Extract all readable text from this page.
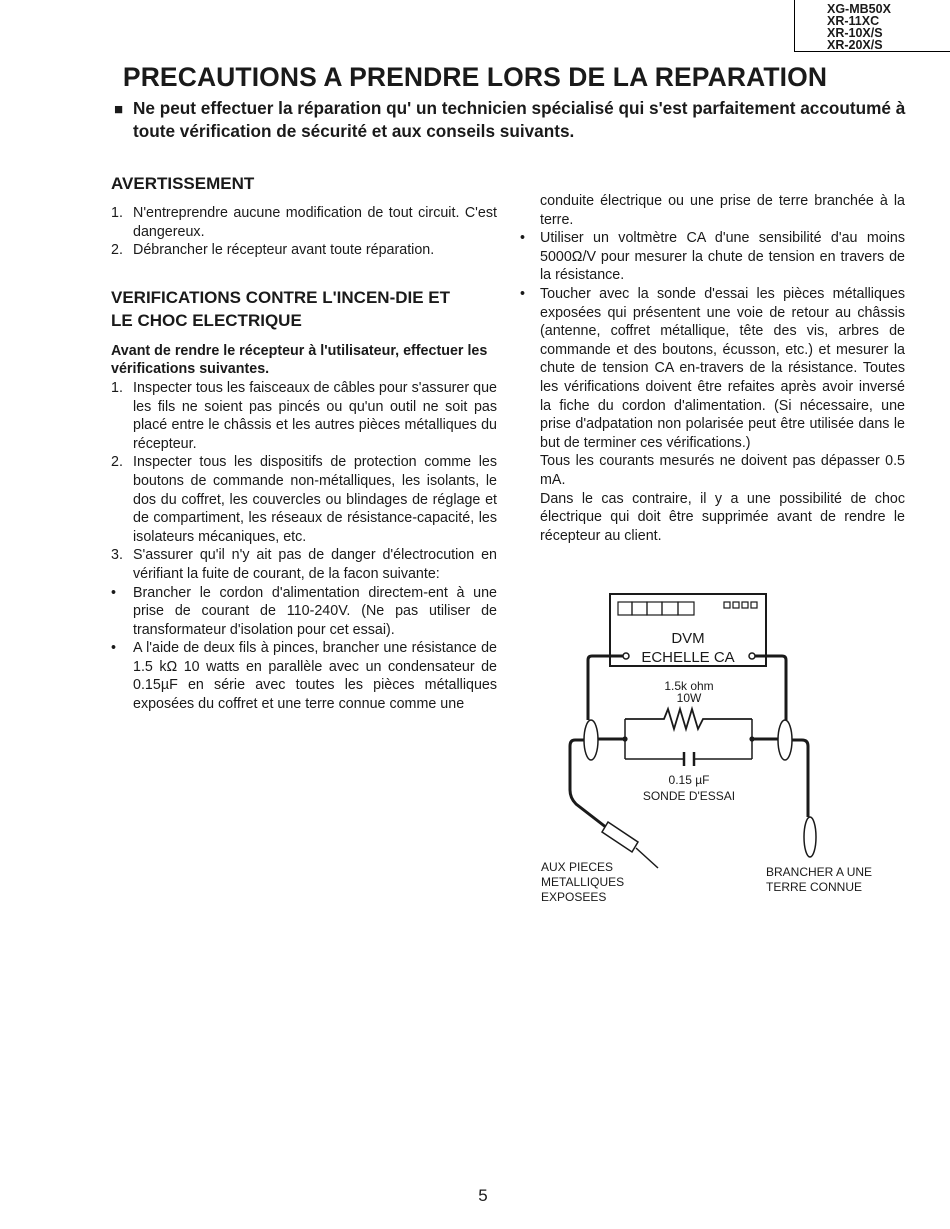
XG-MB50X
XR-11XC
XR-10X/S
XR-20X/S
PRECAUTIONS A PRENDRE LORS DE LA REPARATION
■ Ne peut effectuer la réparation qu' un technicien spécialisé qui s'est parfaitement accoutumé à toute vérification de sécurité et aux conseils suivants.
AVERTISSEMENT
1. N'entreprendre aucune modification de tout circuit. C'est dangereux.
2. Débrancher le récepteur avant toute réparation.
VERIFICATIONS CONTRE L'INCEN-DIE ET
LE CHOC ELECTRIQUE
Avant de rendre le récepteur à l'utilisateur, effectuer les vérifications suivantes.
1. Inspecter tous les faisceaux de câbles pour s'assurer que les fils ne soient pas pincés ou qu'un outil ne soit pas placé entre le châssis et les autres pièces métalliques du récepteur.
2. Inspecter tous les dispositifs de protection comme les boutons de commande non-métalliques, les isolants, le dos du coffret, les couvercles ou blindages de réglage et de compartiment, les réseaux de résistance-capacité, les isolateurs mécaniques, etc.
3. S'assurer qu'il n'y ait pas de danger d'électrocution en vérifiant la fuite de courant, de la facon suivante:
• Brancher le cordon d'alimentation directem-ent à une prise de courant de 110-240V. (Ne pas utiliser de transformateur d'isolation pour cet essai).
• A l'aide de deux fils à pinces, brancher une résistance de 1.5 kΩ 10 watts en parallèle avec un condensateur de 0.15µF en série avec toutes les pièces métalliques exposées du coffret et une terre connue comme une
conduite électrique ou une prise de terre branchée à la terre.
• Utiliser un voltmètre CA d'une sensibilité d'au moins 5000Ω/V pour mesurer la chute de tension en travers de la résistance.
• Toucher avec la sonde d'essai les pièces métalliques exposées qui présentent une voie de retour au châssis (antenne, coffret métallique, tête des vis, arbres de commande et des boutons, écusson, etc.) et mesurer la chute de tension CA en-travers de la résistance. Toutes les vérifications doivent être refaites après avoir inversé la fiche du cordon d'alimentation. (Si nécessaire, une prise d'adpatation non polarisée peut être utilisée dans le but de terminer ces vérifications.)
Tous les courants mesurés ne doivent pas dépasser 0.5 mA.
Dans le cas contraire, il y a une possibilité de choc électrique qui doit être supprimée avant de rendre le récepteur au client.
DVM
ECHELLE CA
1.5k ohm
10W
0.15 µF
SONDE D'ESSAI
AUX PIECES
METALLIQUES
EXPOSEES
BRANCHER A UNE
TERRE CONNUE
5
